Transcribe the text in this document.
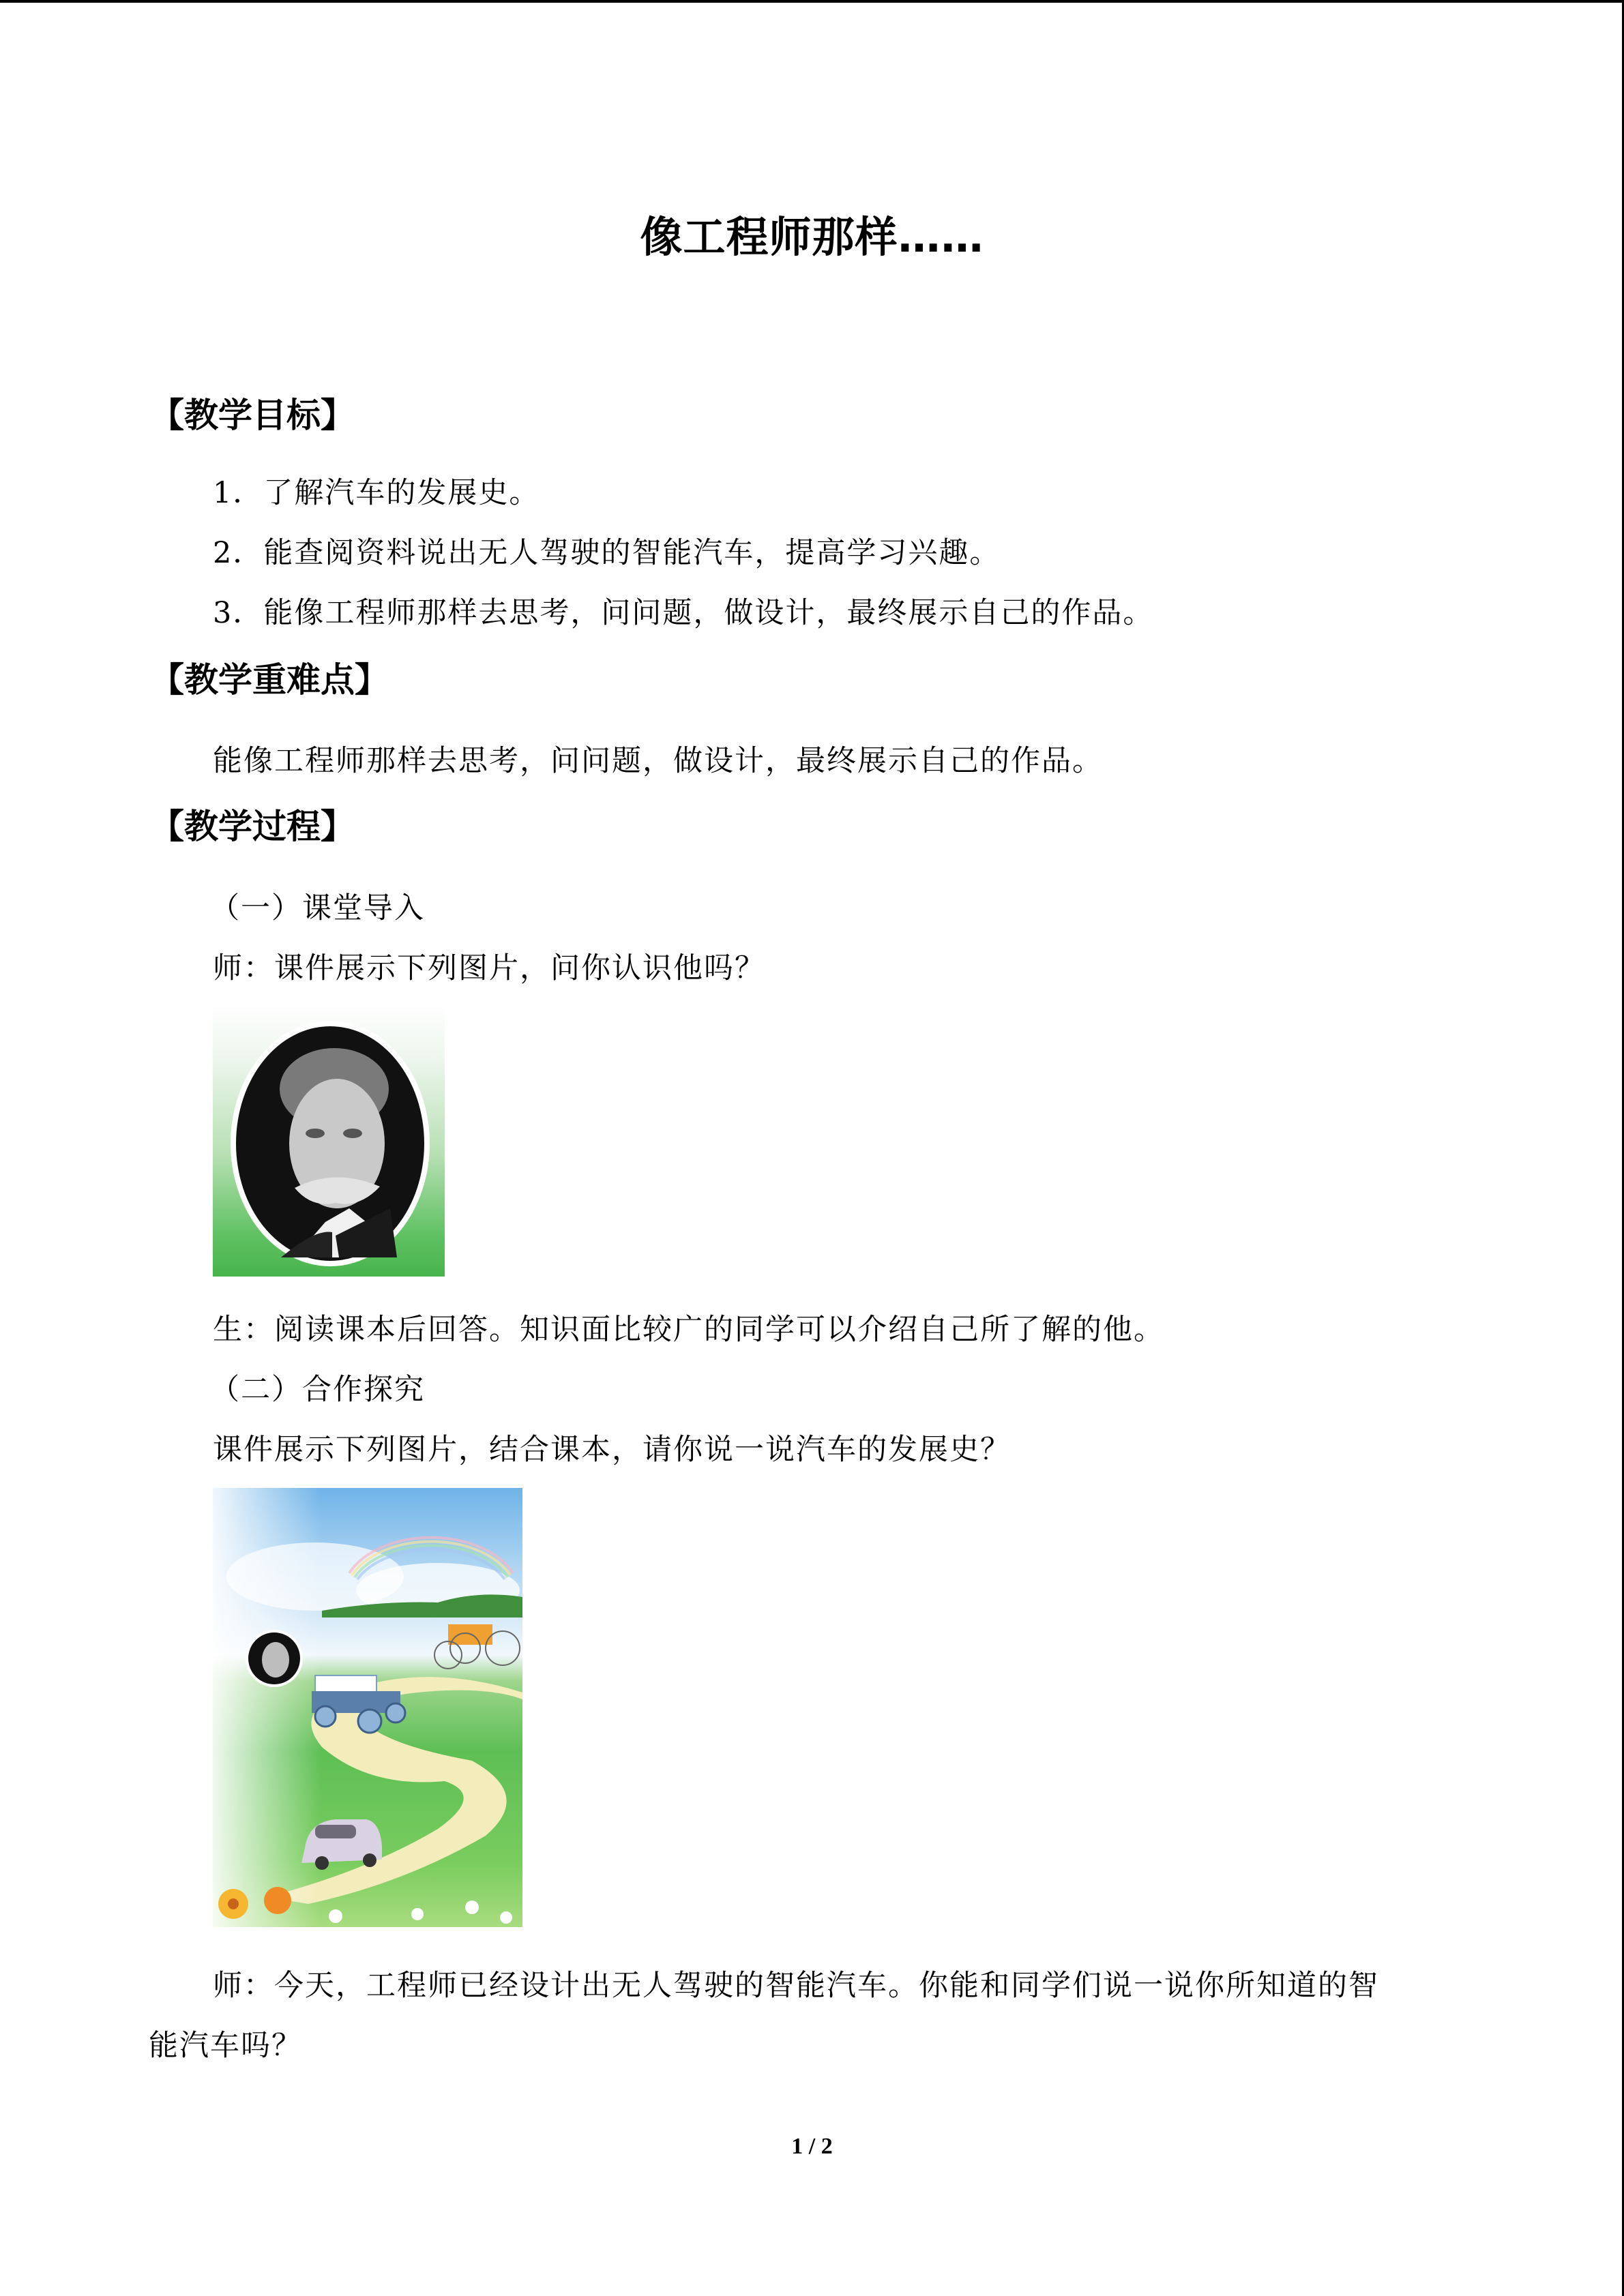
像工程师那样……
【教学目标】
1．了解汽车的发展史。
2．能查阅资料说出无人驾驶的智能汽车，提高学习兴趣。
3．能像工程师那样去思考，问问题，做设计，最终展示自己的作品。
【教学重难点】
能像工程师那样去思考，问问题，做设计，最终展示自己的作品。
【教学过程】
（一）课堂导入
师：课件展示下列图片，问你认识他吗？
生：阅读课本后回答。知识面比较广的同学可以介绍自己所了解的他。
（二）合作探究
课件展示下列图片，结合课本，请你说一说汽车的发展史？
师：今天，工程师已经设计出无人驾驶的智能汽车。你能和同学们说一说你所知道的智
能汽车吗？
1 / 2
